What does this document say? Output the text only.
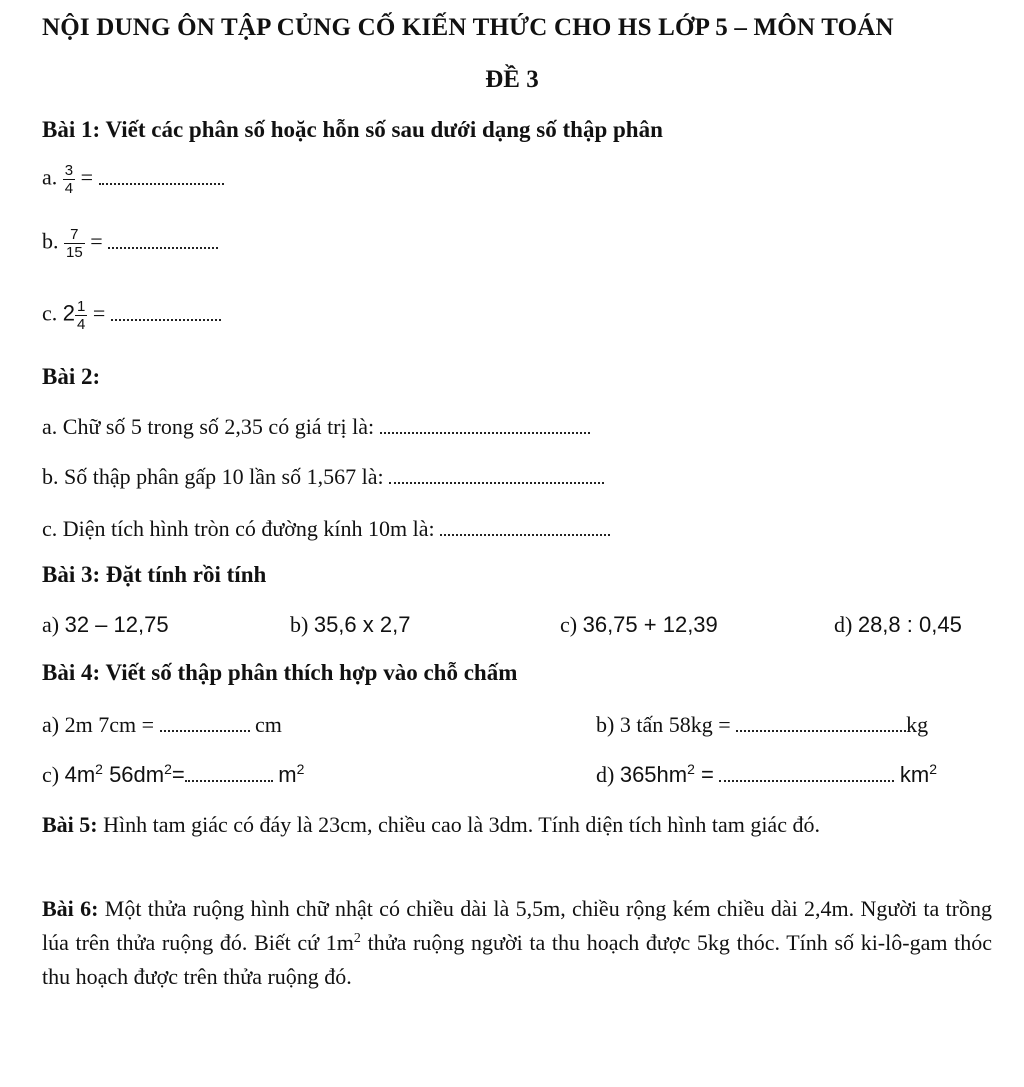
NỘI DUNG ÔN TẬP CỦNG CỐ KIẾN THỨC CHO HS LỚP 5 – MÔN TOÁN
ĐỀ 3
Bài 1: Viết các phân số hoặc hỗn số sau dưới dạng số thập phân
a. $\frac{3}{4}$ =
b. $\frac{7}{15}$ =
c. $2 \frac{1}{4}$ =
Bài 2:
a. Chữ số 5 trong số 2,35 có giá trị là:
b. Số thập phân gấp 10 lần số 1,567 là:
c. Diện tích hình tròn có đường kính 10m là:
Bài 3: Đặt tính rồi tính
a) 32 – 12,75	b) 35,6 x 2,7	c) 36,75 + 12,39	d) 28,8 : 0,45
Bài 4: Viết số thập phân thích hợp vào chỗ chấm
a) 2m 7cm =	cm	b) 3 tấn 58kg =	kg
c) $4m^2$ $56dm^2=$	$m^2$	d) $365hm^2$ =	$km^2$
Bài 5: Hình tam giác có đáy là 23cm, chiều cao là 3dm. Tính diện tích hình tam giác đó.
Bài 6: Một thửa ruộng hình chữ nhật có chiều dài là 5,5m, chiều rộng kém chiều dài 2,4m. Người ta trồng lúa trên thửa ruộng đó. Biết cứ $1m^2$ thửa ruộng người ta thu hoạch được 5kg thóc. Tính số ki-lô-gam thóc thu hoạch được trên thửa ruộng đó.
